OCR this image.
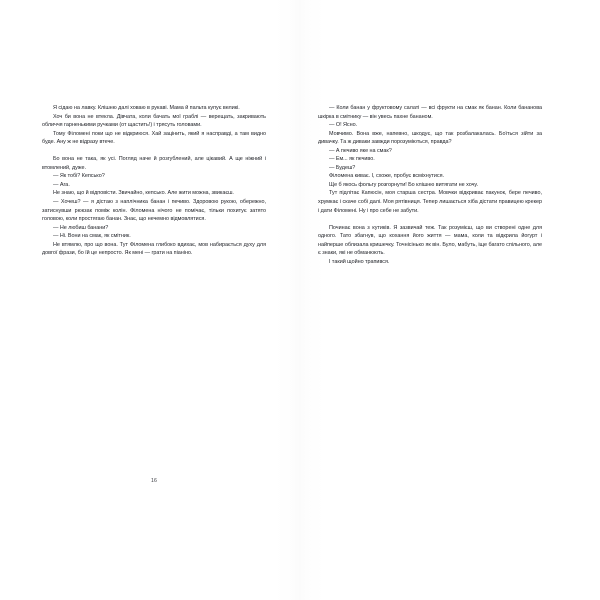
Я сідаю на лавку. Клішню далі ховаю в рукаві. Мама й пальта купує великі.

Хоч би вона не втекла. Дівчата, коли бачать мої граблі — верещать, закривають обличчя гарненькими ручками (от щастить!) і трясуть головами.

Тому Філомені поки що не відкриюся. Хай зацінить, який я насправді, а там видно буде. Ану ж не відразу втече.

Бо вона не така, як усі. Погляд наче й розгублений, але цікавий. А ще ніжний і втомлений, дуже.

— Як тобі? Кепсько?

— Ага.

Не знаю, що й відповісти. Звичайно, кепсько. Але жити можна, звикаєш.

— Хочеш? — я дістаю з наплічника банан і печиво. Здоровою рукою, обережно, затиснувши рюкзак поміж колін. Філомена нічого не помічає, тільки похитує затято головою, коли простягаю банан. Знає, що нечемно відмовлятися.

— Не любиш банани?

— Ні. Вони на смак, як смітник.

Не втямлю, про що вона. Тут Філомена глибоко вдихає, мов набирається духу для довгої фрази, бо їй це непросто. Як мені — грати на піаніно.

16

— Коли банан у фруктовому салаті — всі фрукти на смак як банан. Коли бананова шкірка в смітнику — він увесь пахне бананом.

— О! Ясно.

Мовчимо. Вона вже, напевно, шкодує, що так розбалакалась. Боїться зійти за дивачку. Та ж диваки завжди порозуміються, правда?

— А печиво яке на смак?

— Ем... як печиво.

— Будеш?

Філомена киває. І, схоже, пробує всміхнутися.

Ще б якось фольгу розгорнути! Бо клішню витягати не хочу.

Тут підлітає Капюсін, моя старша сестра. Мовчки відкриває пакунок, бере печиво, хрумкає і скаче собі далі. Моя рятівниця. Тепер лишається хіба дістати правицею крекер і дати Філомені. Ну і про себе не забути.

Починає вона з кутиків. Я зазвичай теж. Так розумієш, що ви створені одне для одного. Тато збагнув, що кохання його життя — мама, коли та відкрила йогурт і найперше облизала кришечку. Точнісінько як він. Було, мабуть, іще багато спільного, але є знаки, які не обманюють.

І такий щойно трапився.
